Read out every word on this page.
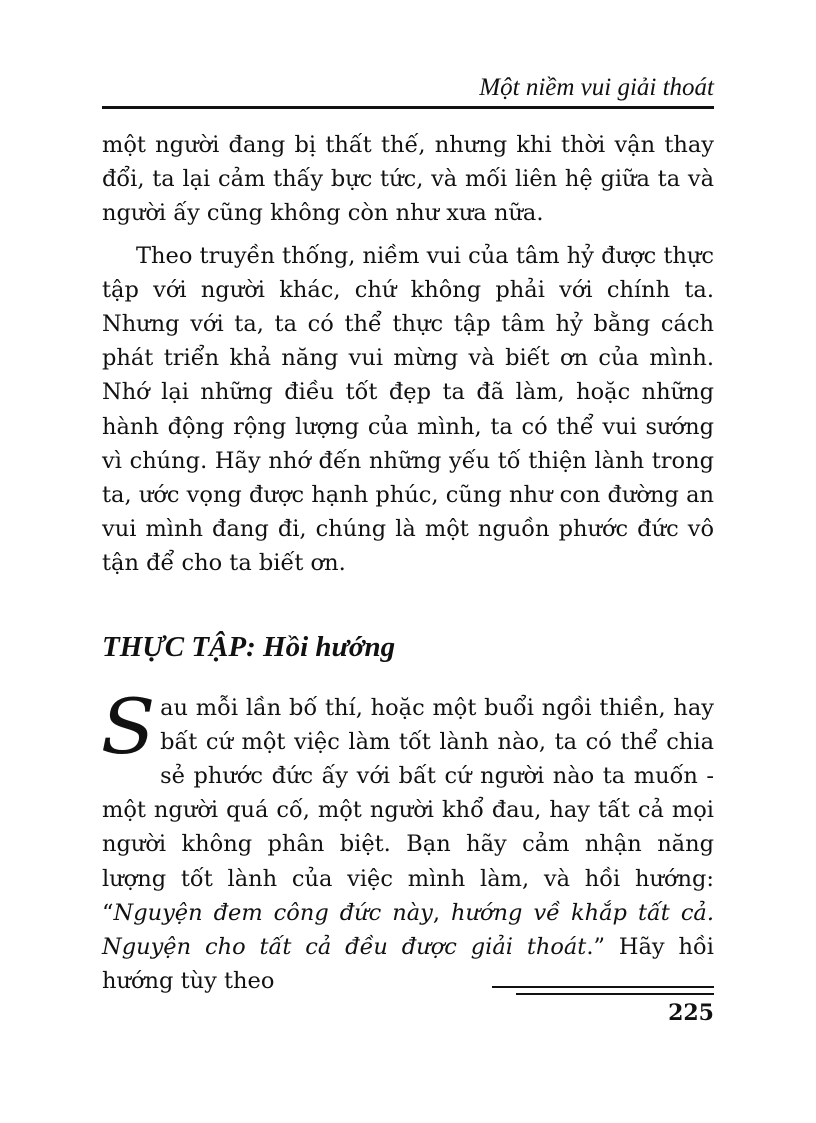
Một niềm vui giải thoát

một người đang bị thất thế, nhưng khi thời vận thay đổi, ta lại cảm thấy bực tức, và mối liên hệ giữa ta và người ấy cũng không còn như xưa nữa.

Theo truyền thống, niềm vui của tâm hỷ được thực tập với người khác, chứ không phải với chính ta. Nhưng với ta, ta có thể thực tập tâm hỷ bằng cách phát triển khả năng vui mừng và biết ơn của mình. Nhớ lại những điều tốt đẹp ta đã làm, hoặc những hành động rộng lượng của mình, ta có thể vui sướng vì chúng. Hãy nhớ đến những yếu tố thiện lành trong ta, ước vọng được hạnh phúc, cũng như con đường an vui mình đang đi, chúng là một nguồn phước đức vô tận để cho ta biết ơn.

THỰC TẬP: Hồi hướng

Sau mỗi lần bố thí, hoặc một buổi ngồi thiền, hay bất cứ một việc làm tốt lành nào, ta có thể chia sẻ phước đức ấy với bất cứ người nào ta muốn - một người quá cố, một người khổ đau, hay tất cả mọi người không phân biệt. Bạn hãy cảm nhận năng lượng tốt lành của việc mình làm, và hồi hướng: “Nguyện đem công đức này, hướng về khắp tất cả. Nguyện cho tất cả đều được giải thoát.” Hãy hồi hướng tùy theo

225
